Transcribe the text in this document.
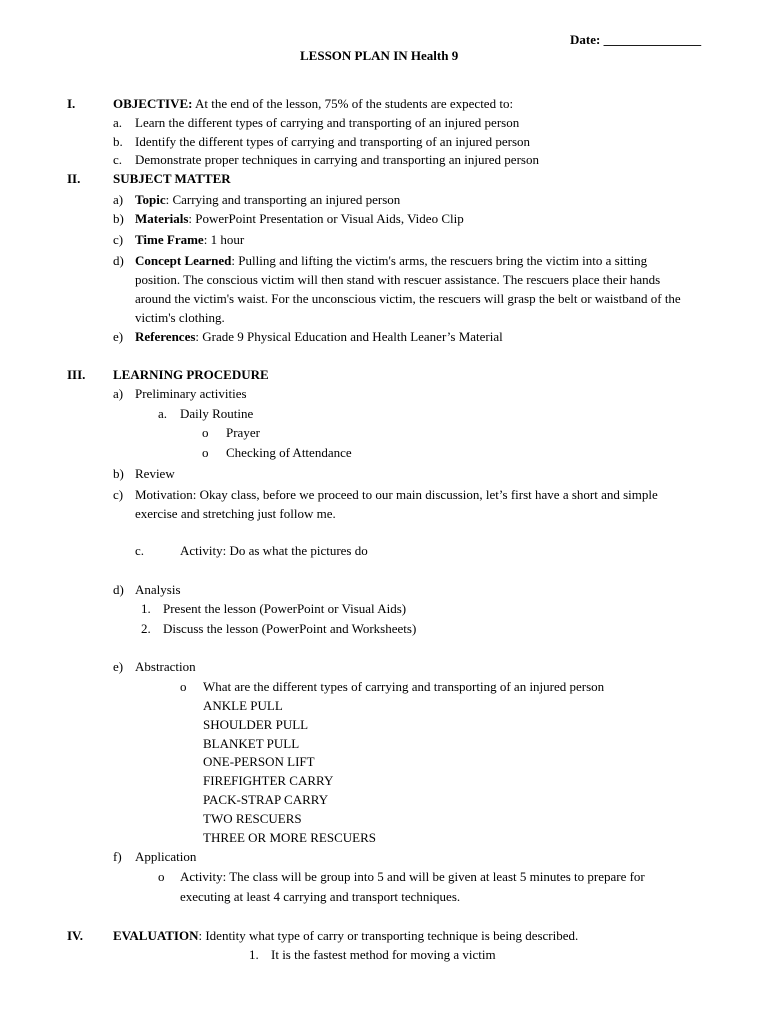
Date: _______________
LESSON PLAN IN Health 9
I.	OBJECTIVE: At the end of the lesson, 75% of the students are expected to:
a. Learn the different types of carrying and transporting of an injured person
b. Identify the different types of carrying and transporting of an injured person
c. Demonstrate proper techniques in carrying and transporting an injured person
II.	SUBJECT MATTER
a) Topic: Carrying and transporting an injured person
b) Materials: PowerPoint Presentation or Visual Aids, Video Clip
c) Time Frame: 1 hour
d) Concept Learned: Pulling and lifting the victim's arms, the rescuers bring the victim into a sitting
position. The conscious victim will then stand with rescuer assistance. The rescuers place their hands
around the victim's waist. For the unconscious victim, the rescuers will grasp the belt or waistband of the
victim's clothing.
e) References: Grade 9 Physical Education and Health Leaner’s Material
III. LEARNING PROCEDURE
a) Preliminary activities
a. Daily Routine
o Prayer
o Checking of Attendance
b) Review
c) Motivation: Okay class, before we proceed to our main discussion, let’s first have a short and simple
exercise and stretching just follow me.
c.	Activity: Do as what the pictures do
d) Analysis
1. Present the lesson (PowerPoint or Visual Aids)
2. Discuss the lesson (PowerPoint and Worksheets)
e) Abstraction
o What are the different types of carrying and transporting of an injured person
ANKLE PULL
SHOULDER PULL
BLANKET PULL
ONE-PERSON LIFT
FIREFIGHTER CARRY
PACK-STRAP CARRY
TWO RESCUERS
THREE OR MORE RESCUERS
f) Application
o Activity: The class will be group into 5 and will be given at least 5 minutes to prepare for
executing at least 4 carrying and transport techniques.
IV. EVALUATION: Identity what type of carry or transporting technique is being described.
1. It is the fastest method for moving a victim
